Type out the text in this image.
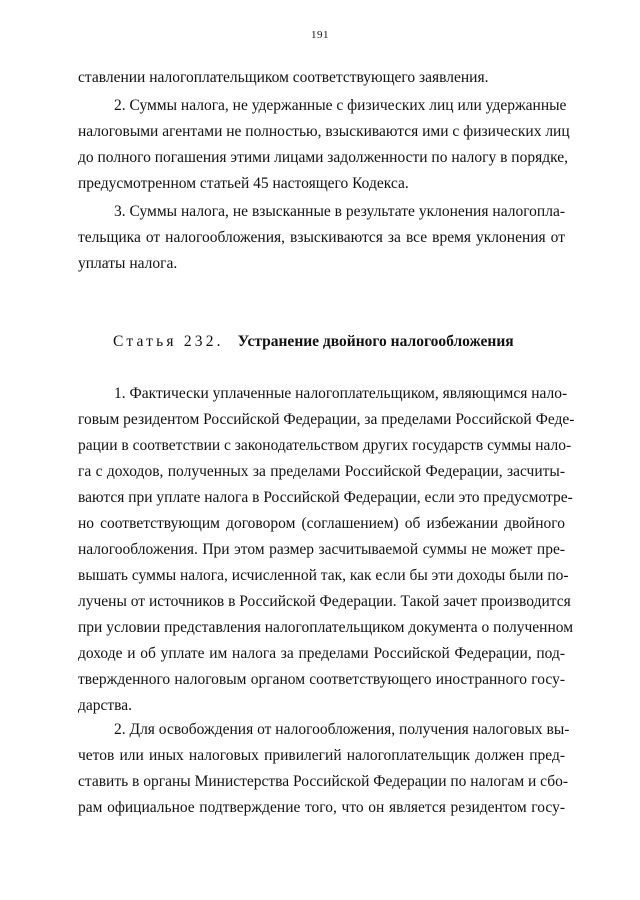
191
ставлении налогоплательщиком соответствующего заявления.
2. Суммы налога, не удержанные с физических лиц или удержанные
налоговыми агентами не полностью, взыскиваются ими с физических лиц
до полного погашения этими лицами задолженности по налогу в порядке,
предусмотренном статьей 45 настоящего Кодекса.
3. Суммы налога, не взысканные в результате уклонения налогопла-
тельщика от налогообложения, взыскиваются за все время уклонения от
уплаты налога.
Статья 232. Устранение двойного налогообложения
1. Фактически уплаченные налогоплательщиком, являющимся нало-
говым резидентом Российской Федерации, за пределами Российской Феде-
рации в соответствии с законодательством других государств суммы нало-
га с доходов, полученных за пределами Российской Федерации, засчиты-
ваются при уплате налога в Российской Федерации, если это предусмотре-
но соответствующим договором (соглашением) об избежании двойного
налогообложения. При этом размер засчитываемой суммы не может пре-
вышать суммы налога, исчисленной так, как если бы эти доходы были по-
лучены от источников в Российской Федерации. Такой зачет производится
при условии представления налогоплательщиком документа о полученном
доходе и об уплате им налога за пределами Российской Федерации, под-
твержденного налоговым органом соответствующего иностранного госу-
дарства.
2. Для освобождения от налогообложения, получения налоговых вы-
четов или иных налоговых привилегий налогоплательщик должен пред-
ставить в органы Министерства Российской Федерации по налогам и сбо-
рам официальное подтверждение того, что он является резидентом госу-
